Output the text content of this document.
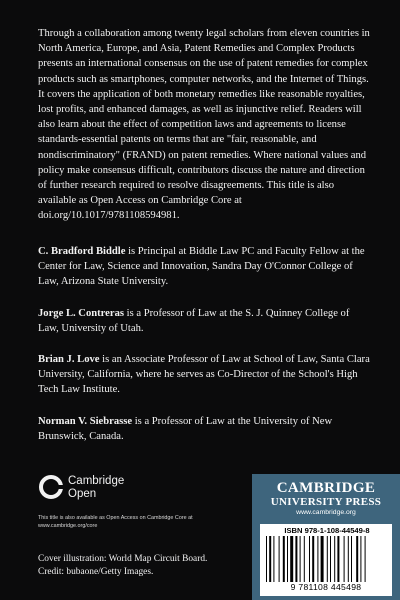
Through a collaboration among twenty legal scholars from eleven countries in North America, Europe, and Asia, Patent Remedies and Complex Products presents an international consensus on the use of patent remedies for complex products such as smartphones, computer networks, and the Internet of Things. It covers the application of both monetary remedies like reasonable royalties, lost profits, and enhanced damages, as well as injunctive relief. Readers will also learn about the effect of competition laws and agreements to license standards-essential patents on terms that are "fair, reasonable, and nondiscriminatory" (FRAND) on patent remedies. Where national values and policy make consensus difficult, contributors discuss the nature and direction of further research required to resolve disagreements. This title is also available as Open Access on Cambridge Core at doi.org/10.1017/9781108594981.

C. Bradford Biddle is Principal at Biddle Law PC and Faculty Fellow at the Center for Law, Science and Innovation, Sandra Day O'Connor College of Law, Arizona State University.

Jorge L. Contreras is a Professor of Law at the S. J. Quinney College of Law, University of Utah.

Brian J. Love is an Associate Professor of Law at School of Law, Santa Clara University, California, where he serves as Co-Director of the School's High Tech Law Institute.

Norman V. Siebrasse is a Professor of Law at the University of New Brunswick, Canada.

Cambridge
Open

This title is also available as Open Access on Cambridge Core at www.cambridge.org/core

Cover illustration: World Map Circuit Board.
Credit: bubaone/Getty Images.
CAMBRIDGE
UNIVERSITY PRESS
www.cambridge.org
ISBN 978-1-108-44549-8
9 781108 445498
